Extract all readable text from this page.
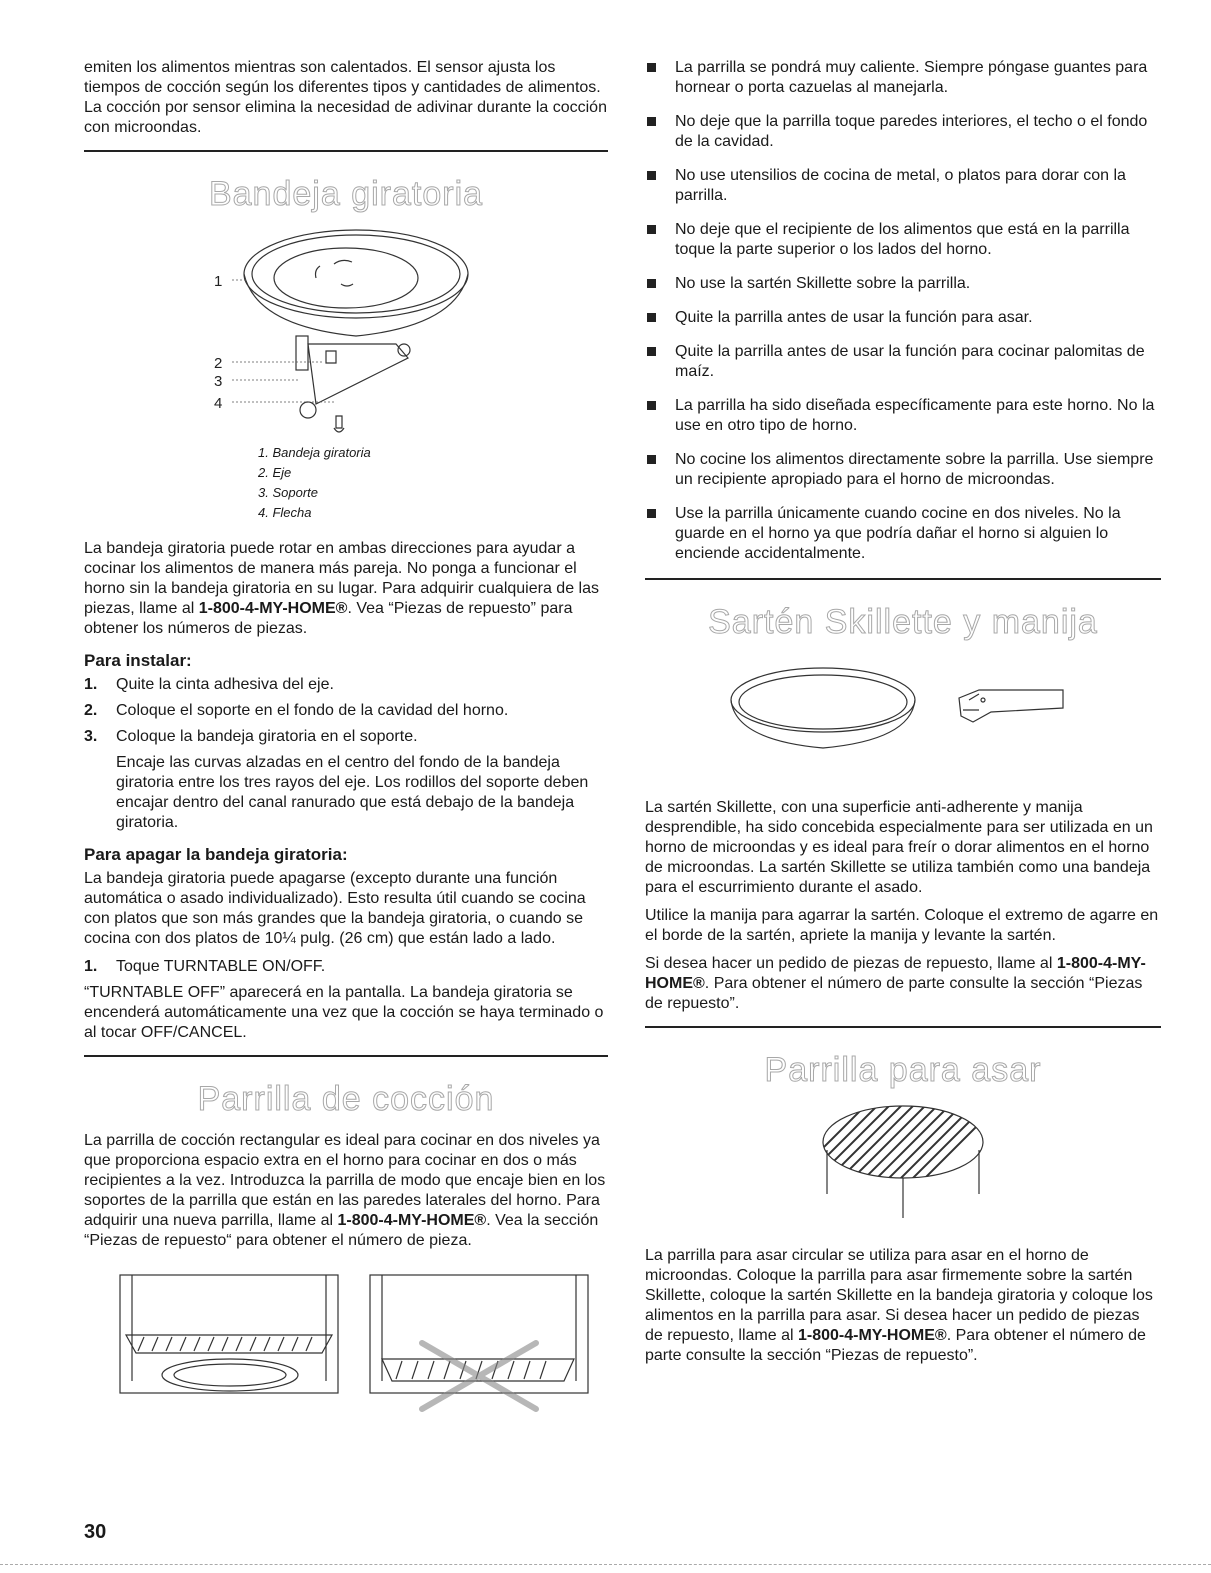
emiten los alimentos mientras son calentados. El sensor ajusta los tiempos de cocción según los diferentes tipos y cantidades de alimentos. La cocción por sensor elimina la necesidad de adivinar durante la cocción con microondas.

Bandeja giratoria
1
2
3
4
1. Bandeja giratoria
2. Eje
3. Soporte
4. Flecha

La bandeja giratoria puede rotar en ambas direcciones para ayudar a cocinar los alimentos de manera más pareja. No ponga a funcionar el horno sin la bandeja giratoria en su lugar. Para adquirir cualquiera de las piezas, llame al 1-800-4-MY-HOME®. Vea “Piezas de repuesto” para obtener los números de piezas.

Para instalar:
1. Quite la cinta adhesiva del eje.
2. Coloque el soporte en el fondo de la cavidad del horno.
3. Coloque la bandeja giratoria en el soporte.

Encaje las curvas alzadas en el centro del fondo de la bandeja giratoria entre los tres rayos del eje. Los rodillos del soporte deben encajar dentro del canal ranurado que está debajo de la bandeja giratoria.

Para apagar la bandeja giratoria:

La bandeja giratoria puede apagarse (excepto durante una función automática o asado individualizado). Esto resulta útil cuando se cocina con platos que son más grandes que la bandeja giratoria, o cuando se cocina con dos platos de 10¼ pulg. (26 cm) que están lado a lado.

1. Toque TURNTABLE ON/OFF.

“TURNTABLE OFF” aparecerá en la pantalla. La bandeja giratoria se encenderá automáticamente una vez que la cocción se haya terminado o al tocar OFF/CANCEL.

Parrilla de cocción

La parrilla de cocción rectangular es ideal para cocinar en dos niveles ya que proporciona espacio extra en el horno para cocinar en dos o más recipientes a la vez. Introduzca la parrilla de modo que encaje bien en los soportes de la parrilla que están en las paredes laterales del horno. Para adquirir una nueva parrilla, llame al 1-800-4-MY-HOME®. Vea la sección “Piezas de repuesto“ para obtener el número de pieza.

La parrilla se pondrá muy caliente. Siempre póngase guantes para hornear o porta cazuelas al manejarla.
No deje que la parrilla toque paredes interiores, el techo o el fondo de la cavidad.
No use utensilios de cocina de metal, o platos para dorar con la parrilla.
No deje que el recipiente de los alimentos que está en la parrilla toque la parte superior o los lados del horno.
No use la sartén Skillette sobre la parrilla.
Quite la parrilla antes de usar la función para asar.
Quite la parrilla antes de usar la función para cocinar palomitas de maíz.
La parrilla ha sido diseñada específicamente para este horno. No la use en otro tipo de horno.
No cocine los alimentos directamente sobre la parrilla. Use siempre un recipiente apropiado para el horno de microondas.
Use la parrilla únicamente cuando cocine en dos niveles. No la guarde en el horno ya que podría dañar el horno si alguien lo enciende accidentalmente.
Sartén Skillette y manija

La sartén Skillette, con una superficie anti-adherente y manija desprendible, ha sido concebida especialmente para ser utilizada en un horno de microondas y es ideal para freír o dorar alimentos en el horno de microondas. La sartén Skillette se utiliza también como una bandeja para el escurrimiento durante el asado.

Utilice la manija para agarrar la sartén. Coloque el extremo de agarre en el borde de la sartén, apriete la manija y levante la sartén.

Si desea hacer un pedido de piezas de repuesto, llame al 1-800-4-MY-HOME®. Para obtener el número de parte consulte la sección “Piezas de repuesto”.

Parrilla para asar

La parrilla para asar circular se utiliza para asar en el horno de microondas. Coloque la parrilla para asar firmemente sobre la sartén Skillette, coloque la sartén Skillette en la bandeja giratoria y coloque los alimentos en la parrilla para asar. Si desea hacer un pedido de piezas de repuesto, llame al 1-800-4-MY-HOME®. Para obtener el número de parte consulte la sección “Piezas de repuesto”.

30
